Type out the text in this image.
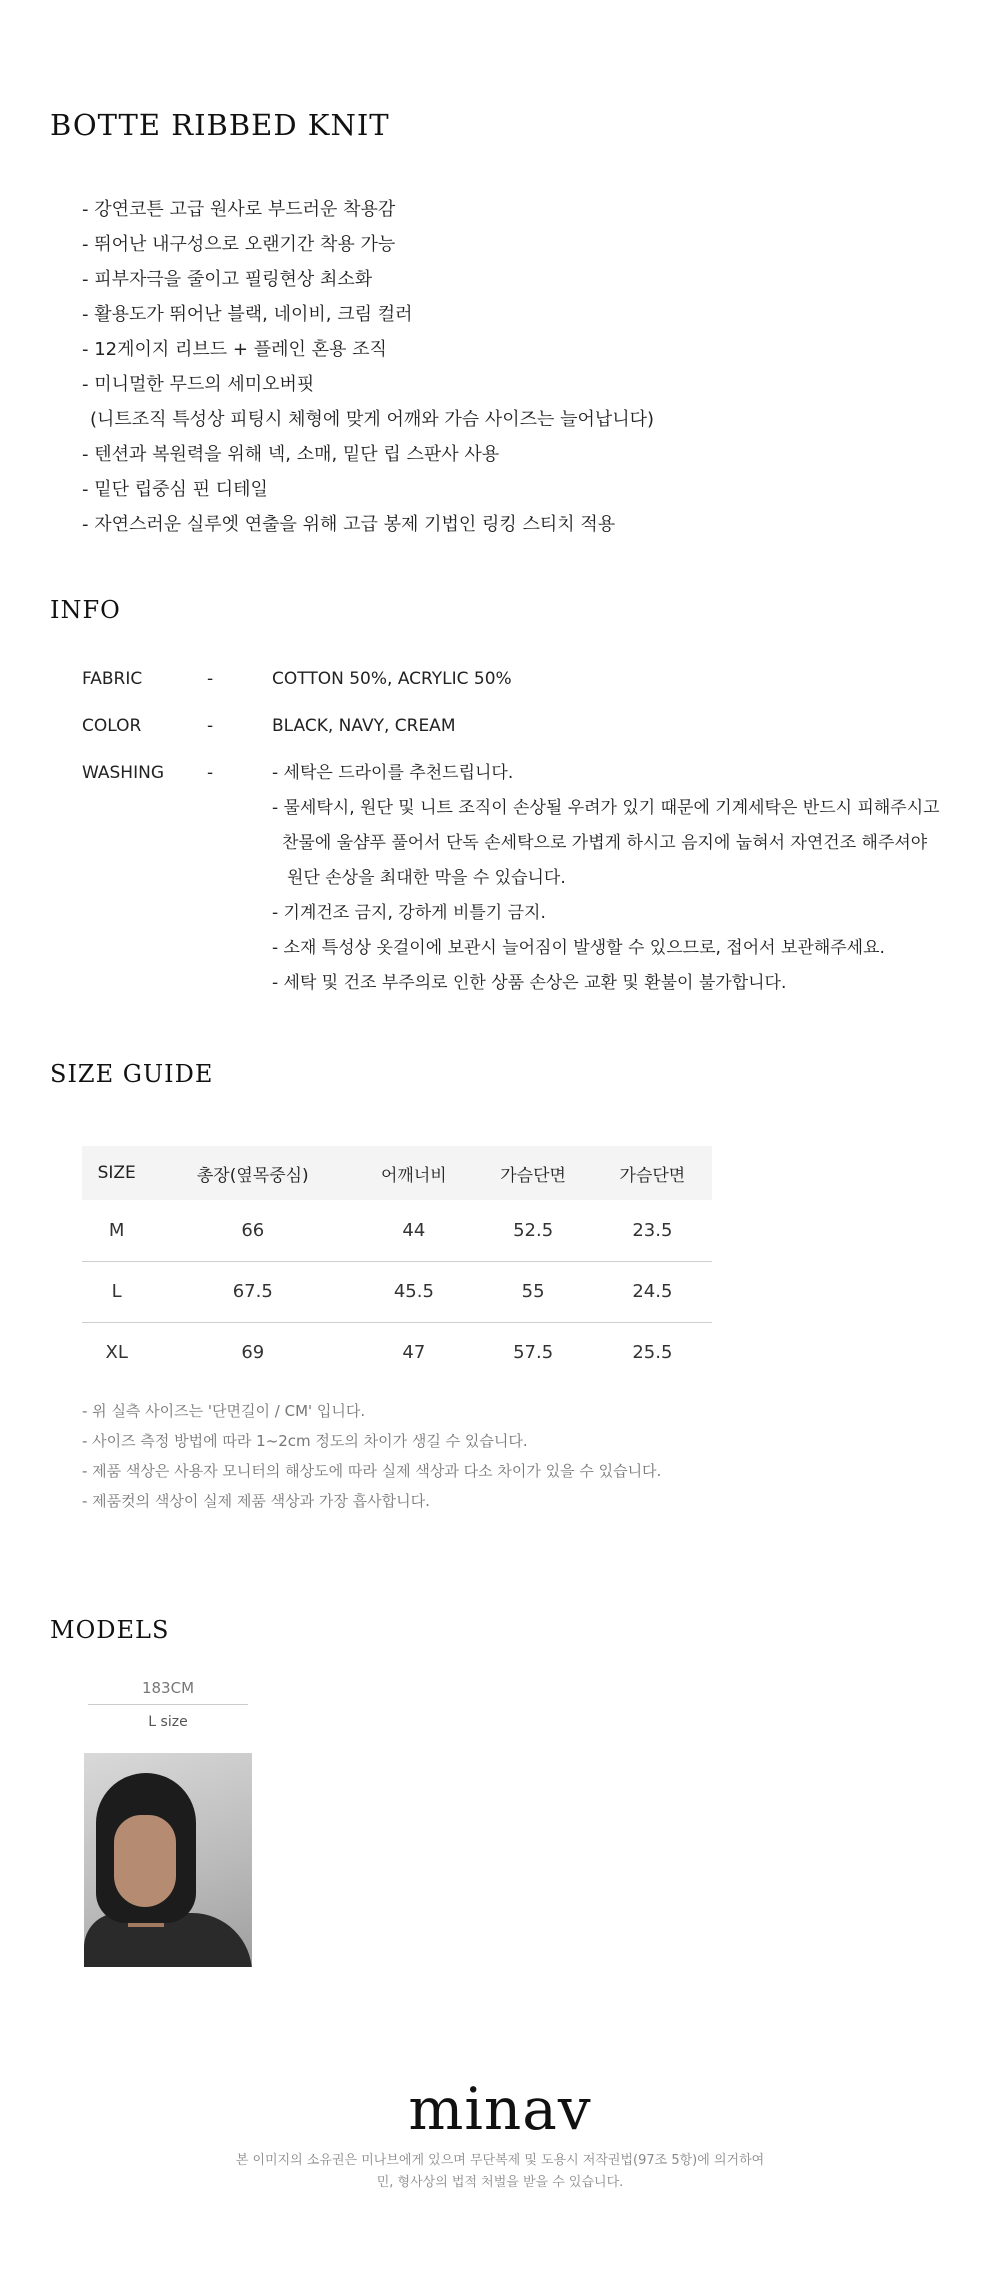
BOTTE RIBBED KNIT
- 강연코튼 고급 원사로 부드러운 착용감
- 뛰어난 내구성으로 오랜기간 착용 가능
- 피부자극을 줄이고 필링현상 최소화
- 활용도가 뛰어난 블랙, 네이비, 크림 컬러
- 12게이지 리브드 + 플레인 혼용 조직
- 미니멀한 무드의 세미오버핏
(니트조직 특성상 피팅시 체형에 맞게 어깨와 가슴 사이즈는 늘어납니다)
- 텐션과 복원력을 위해 넥, 소매, 밑단 립 스판사 사용
- 밑단 립중심 핀 디테일
- 자연스러운 실루엣 연출을 위해 고급 봉제 기법인 링킹 스티치 적용
INFO
FABRIC	-	COTTON 50%, ACRYLIC 50%
COLOR	-	BLACK, NAVY, CREAM
WASHING	-	- 세탁은 드라이를 추천드립니다.
- 물세탁시, 원단 및 니트 조직이 손상될 우려가 있기 때문에 기계세탁은 반드시 피해주시고
찬물에 울샴푸 풀어서 단독 손세탁으로 가볍게 하시고 음지에 눕혀서 자연건조 해주셔야
원단 손상을 최대한 막을 수 있습니다.
- 기계건조 금지, 강하게 비틀기 금지.
- 소재 특성상 옷걸이에 보관시 늘어짐이 발생할 수 있으므로, 접어서 보관해주세요.
- 세탁 및 건조 부주의로 인한 상품 손상은 교환 및 환불이 불가합니다.
SIZE GUIDE
SIZE	총장(옆목중심)	어깨너비	가슴단면	가슴단면
M	66	44	52.5	23.5
L	67.5	45.5	55	24.5
XL	69	47	57.5	25.5
- 위 실측 사이즈는 '단면길이 / CM' 입니다.
- 사이즈 측정 방법에 따라 1~2cm 정도의 차이가 생길 수 있습니다.
- 제품 색상은 사용자 모니터의 해상도에 따라 실제 색상과 다소 차이가 있을 수 있습니다.
- 제품컷의 색상이 실제 제품 색상과 가장 흡사합니다.
MODELS
183CM
L size
minav
본 이미지의 소유권은 미나브에게 있으며 무단복제 및 도용시 저작권법(97조 5항)에 의거하여
민, 형사상의 법적 처벌을 받을 수 있습니다.
